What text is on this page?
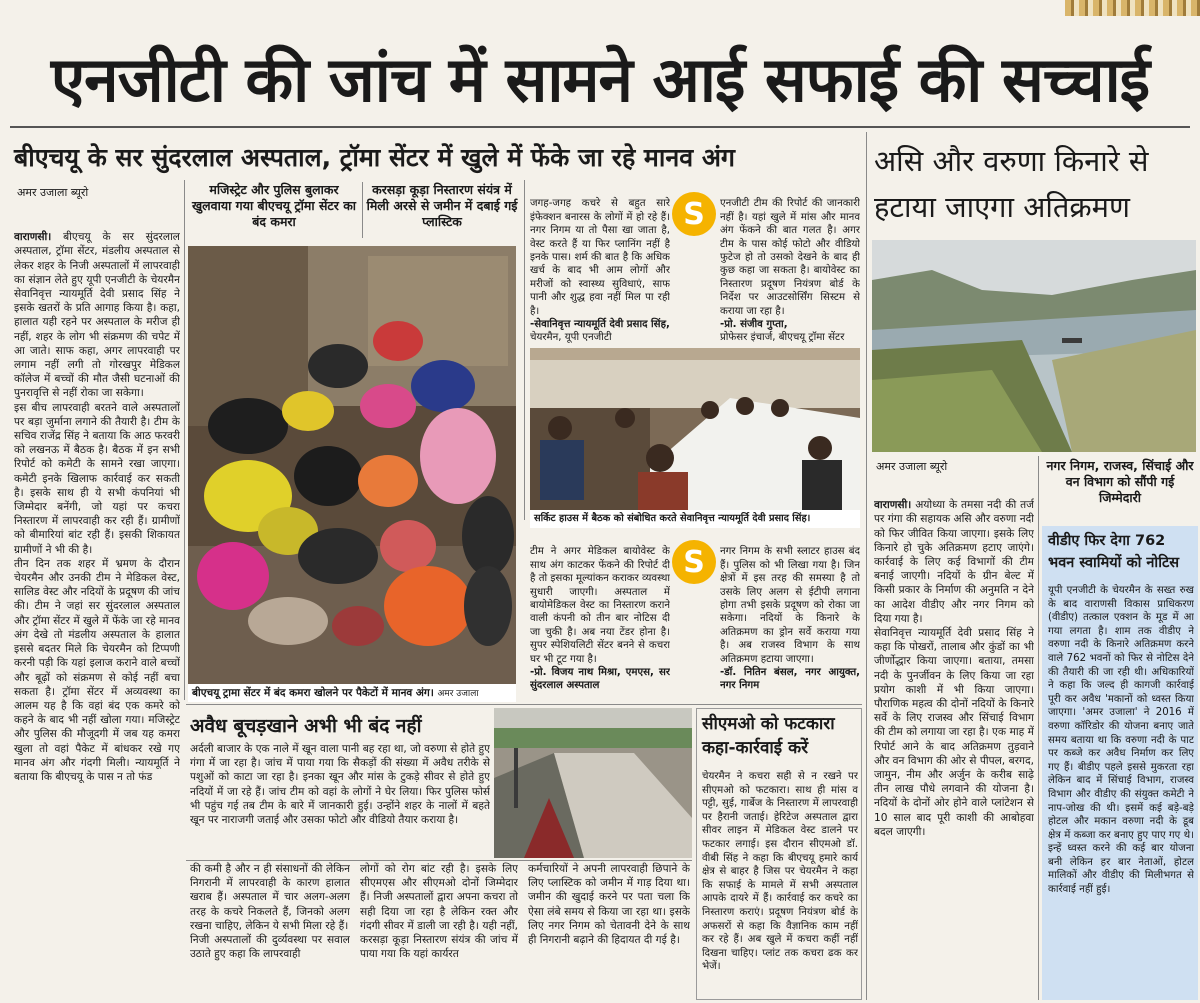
एनजीटी की जांच में सामने आई सफाई की सच्चाई
बीएचयू के सर सुंदरलाल अस्पताल, ट्रॉमा सेंटर में खुले में फेंके जा रहे मानव अंग
अमर उजाला ब्यूरो

वाराणसी। बीएचयू के सर सुंदरलाल अस्पताल, ट्रॉमा सेंटर, मंडलीय अस्पताल से लेकर शहर के निजी अस्पतालों में लापरवाही का संज्ञान लेते हुए यूपी एनजीटी के चेयरमैन सेवानिवृत्त न्यायमूर्ति देवी प्रसाद सिंह ने इसके खतरों के प्रति आगाह किया है। कहा, हालात यही रहने पर अस्पताल के मरीज ही नहीं, शहर के लोग भी संक्रमण की चपेट में आ जाते। साफ कहा, अगर लापरवाही पर लगाम नहीं लगी तो गोरखपुर मेडिकल कॉलेज में बच्चों की मौत जैसी घटनाओं की पुनरावृत्ति से नहीं रोका जा सकेगा।
इस बीच लापरवाही बरतने वाले अस्पतालों पर बड़ा जुर्माना लगाने की तैयारी है। टीम के सचिव राजेंद्र सिंह ने बताया कि आठ फरवरी को लखनऊ में बैठक है। बैठक में इन सभी रिपोर्ट को कमेटी के सामने रखा जाएगा। कमेटी इनके खिलाफ कार्रवाई कर सकती है। इसके साथ ही ये सभी कंपनियां भी जिम्मेदार बनेंगी, जो यहां पर कचरा निस्तारण में लापरवाही कर रही हैं। ग्रामीणों को बीमारियां बांट रही हैं। इसकी शिकायत ग्रामीणों ने भी की है।
तीन दिन तक शहर में भ्रमण के दौरान चेयरमैन और उनकी टीम ने मेडिकल वेस्ट, सालिड वेस्ट और नदियों के प्रदूषण की जांच की। टीम ने जहां सर सुंदरलाल अस्पताल और ट्रॉमा सेंटर में खुले में फेंके जा रहे मानव अंग देखे तो मंडलीय अस्पताल के हालात इससे बदतर मिले कि चेयरमैन को टिप्पणी करनी पड़ी कि यहां इलाज कराने वाले बच्चों और बूढ़ों को संक्रमण से कोई नहीं बचा सकता है। ट्रॉमा सेंटर में अव्यवस्था का आलम यह है कि वहां बंद एक कमरे को कहने के बाद भी नहीं खोला गया। मजिस्ट्रेट और पुलिस की मौजूदगी में जब यह कमरा खुला तो वहां पैकेट में बांधकर रखे गए मानव अंग और गंदगी मिली। न्यायमूर्ति ने बताया कि बीएचयू के पास न तो फंड

मजिस्ट्रेट और पुलिस बुलाकर खुलवाया गया बीएचयू ट्रॉमा सेंटर का बंद कमरा
करसड़ा कूड़ा निस्तारण संयंत्र में मिली अरसे से जमीन में दबाई गई प्लास्टिक
बीएचयू ट्रामा सेंटर में बंद कमरा खोलने पर पैकेटों में मानव अंग। अमर उजाला

जगह-जगह कचरे से बहुत सारे इंफेक्शन बनारस के लोगों में हो रहे हैं। नगर निगम या तो पैसा खा जाता है, वेस्ट करते हैं या फिर प्लानिंग नहीं है इनके पास। शर्म की बात है कि अधिक खर्च के बाद भी आम लोगों और मरीजों को स्वास्थ्य सुविधाएं, साफ पानी और शुद्ध हवा नहीं मिल पा रही है।
-सेवानिवृत्त न्यायमूर्ति देवी प्रसाद सिंह,
चेयरमैन, यूपी एनजीटी

S	एनजीटी टीम की रिपोर्ट की जानकारी नहीं है। यहां खुले में मांस और मानव अंग फेंकने की बात गलत है। अगर टीम के पास कोई फोटो और वीडियो फुटेज हो तो उसको देखने के बाद ही कुछ कहा जा सकता है। बायोवेस्ट का निस्तारण प्रदूषण नियंत्रण बोर्ड के निर्देश पर आउटसोर्सिंग सिस्टम से कराया जा रहा है।
-प्रो. संजीव गुप्ता,
प्रोफेसर इंचार्ज, बीएचयू ट्रॉमा सेंटर

सर्किट हाउस में बैठक को संबोधित करते सेवानिवृत्त न्यायमूर्ति देवी प्रसाद सिंह।

टीम ने अगर मेडिकल बायोवेस्ट के साथ अंग काटकर फेंकने की रिपोर्ट दी है तो इसका मूल्यांकन कराकर व्यवस्था सुधारी जाएगी। अस्पताल में बायोमेडिकल वेस्ट का निस्तारण कराने वाली कंपनी को तीन बार नोटिस दी जा चुकी है। अब नया टेंडर होना है। सुपर स्पेशियलिटी सेंटर बनने से कचरा घर भी टूट गया है।
-प्रो. विजय नाथ मिश्रा, एमएस, सर सुंदरलाल अस्पताल

S	नगर निगम के सभी स्लाटर हाउस बंद हैं। पुलिस को भी लिखा गया है। जिन क्षेत्रों में इस तरह की समस्या है तो उसके लिए अलग से ईटीपी लगाना होगा तभी इसके प्रदूषण को रोका जा सकेगा। नदियों के किनारे के अतिक्रमण का ड्रोन सर्वे कराया गया है। अब राजस्व विभाग के साथ अतिक्रमण हटाया जाएगा।
-डॉ. नितिन बंसल, नगर आयुक्त, नगर निगम

अवैध बूचड़खाने अभी भी बंद नहीं
अर्दली बाजार के एक नाले में खून वाला पानी बह रहा था, जो वरुणा से होते हुए गंगा में जा रहा है। जांच में पाया गया कि सैकड़ों की संख्या में अवैध तरीके से पशुओं को काटा जा रहा है। इनका खून और मांस के टुकड़े सीवर से होते हुए नदियों में जा रहे हैं। जांच टीम को वहां के लोगों ने घेर लिया। फिर पुलिस फोर्स भी पहुंच गई तब टीम के बारे में जानकारी हुई। उन्होंने शहर के नालों में बहते खून पर नाराजगी जताई और उसका फोटो और वीडियो तैयार कराया है।
सीएमओ को फटकारा कहा-कार्रवाई करें
चेयरमैन ने कचरा सही से न रखने पर सीएमओ को फटकारा। साथ ही मांस व पट्टी, सुई, गार्बेज के निस्तारण में लापरवाही पर हैरानी जताई। हेरिटेज अस्पताल द्वारा सीवर लाइन में मेडिकल वेस्ट डालने पर फटकार लगाई। इस दौरान सीएमओ डॉ. वीबी सिंह ने कहा कि बीएचयू हमारे कार्य क्षेत्र से बाहर है जिस पर चेयरमैन ने कहा कि सफाई के मामले में सभी अस्पताल आपके दायरे में हैं। कार्रवाई कर कचरे का निस्तारण कराएं। प्रदूषण नियंत्रण बोर्ड के अफसरों से कहा कि वैज्ञानिक काम नहीं कर रहे हैं। अब खुले में कचरा कहीं नहीं दिखना चाहिए। प्लांट तक कचरा ढक कर भेजें।
की कमी है और न ही संसाधनों की लेकिन निगरानी में लापरवाही के कारण हालात खराब हैं। अस्पताल में चार अलग-अलग तरह के कचरे निकलते हैं, जिनको अलग रखना चाहिए, लेकिन ये सभी मिला रहे हैं।
निजी अस्पतालों की दुर्व्यवस्था पर सवाल उठाते हुए कहा कि लापरवाही
लोगों को रोग बांट रही है। इसके लिए सीएमएस और सीएमओ दोनों जिम्मेदार हैं। निजी अस्पतालों द्वारा अपना कचरा तो सही दिया जा रहा है लेकिन रक्त और गंदगी सीवर में डाली जा रही है। यही नहीं, करसड़ा कूड़ा निस्तारण संयंत्र की जांच में पाया गया कि यहां कार्यरत
कर्मचारियों ने अपनी लापरवाही छिपाने के लिए प्लास्टिक को जमीन में गाड़ दिया था। जमीन की खुदाई करने पर पता चला कि ऐसा लंबे समय से किया जा रहा था। इसके लिए नगर निगम को चेतावनी देने के साथ ही निगरानी बढ़ाने की हिदायत दी गई है।
असि और वरुणा किनारे से हटाया जाएगा अतिक्रमण
अमर उजाला ब्यूरो	नगर निगम, राजस्व, सिंचाई और वन विभाग को सौंपी गई जिम्मेदारी

वाराणसी। अयोध्या के तमसा नदी की तर्ज पर गंगा की सहायक असि और वरुणा नदी को फिर जीवित किया जाएगा। इसके लिए किनारे हो चुके अतिक्रमण हटाए जाएंगे। कार्रवाई के लिए कई विभागों की टीम बनाई जाएगी। नदियों के ग्रीन बेल्ट में किसी प्रकार के निर्माण की अनुमति न देने का आदेश वीडीए और नगर निगम को दिया गया है।
सेवानिवृत्त न्यायमूर्ति देवी प्रसाद सिंह ने कहा कि पोखरों, तालाब और कुंडों का भी जीर्णोद्धार किया जाएगा। बताया, तमसा नदी के पुनर्जीवन के लिए किया जा रहा प्रयोग काशी में भी किया जाएगा। पौराणिक महत्व की दोनों नदियों के किनारे सर्वे के लिए राजस्व और सिंचाई विभाग की टीम को लगाया जा रहा है। एक माह में रिपोर्ट आने के बाद अतिक्रमण तुड़वाने और वन विभाग की ओर से पीपल, बरगद, जामुन, नीम और अर्जुन के करीब साढ़े तीन लाख पौधे लगवाने की योजना है। नदियों के दोनों ओर होने वाले प्लांटेशन से 10 साल बाद पूरी काशी की आबोहवा बदल जाएगी।

वीडीए फिर देगा 762 भवन स्वामियों को नोटिस
यूपी एनजीटी के चेयरमैन के सख्त रुख के बाद वाराणसी विकास प्राधिकरण (वीडीए) तत्काल एक्शन के मूड में आ गया लगता है। शाम तक वीडीए ने वरुणा नदी के किनारे अतिक्रमण करने वाले 762 भवनों को फिर से नोटिस देने की तैयारी की जा रही थी। अधिकारियों ने कहा कि जल्द ही कागजी कार्रवाई पूरी कर अवैध 'मकानों को ध्वस्त किया जाएगा। 'अमर उजाला' ने 2016 में वरुणा कॉरिडोर की योजना बनाए जाते समय बताया था कि वरुणा नदी के पाट पर कब्जे कर अवैध निर्माण कर लिए गए हैं। बीडीए पहले इससे मुकरता रहा लेकिन बाद में सिंचाई विभाग, राजस्व विभाग और वीडीए की संयुक्त कमेटी ने नाप-जोख की थी। इसमें कई बड़े-बड़े होटल और मकान वरुणा नदी के डूब क्षेत्र में कब्जा कर बनाए हुए पाए गए थे। इन्हें ध्वस्त करने की कई बार योजना बनी लेकिन हर बार नेताओं, होटल मालिकों और वीडीए की मिलीभगत से कार्रवाई नहीं हुई।
